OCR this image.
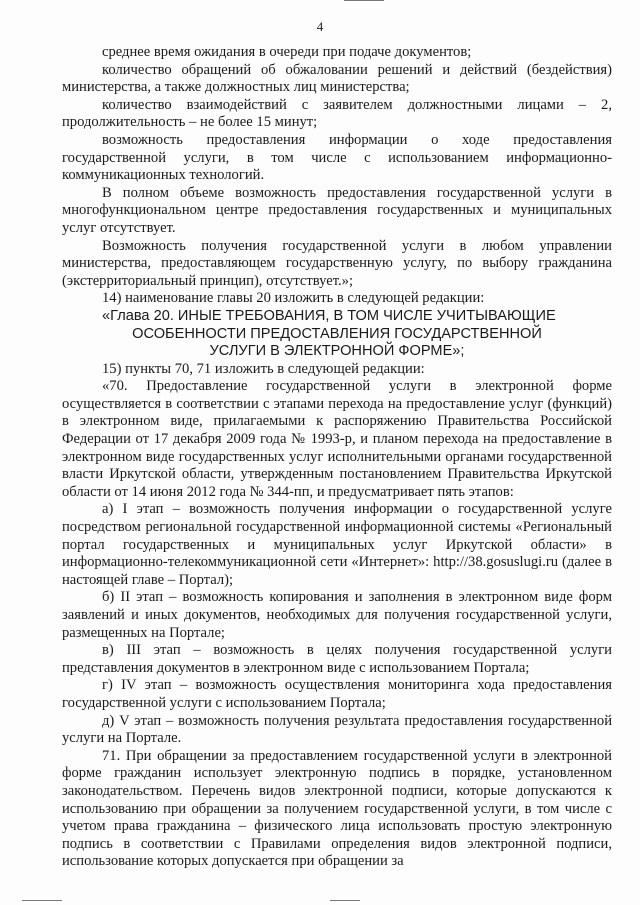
4

среднее время ожидания в очереди при подаче документов;

количество обращений об обжаловании решений и действий (бездействия) министерства, а также должностных лиц министерства;

количество взаимодействий с заявителем должностными лицами – 2, продолжительность – не более 15 минут;

возможность предоставления информации о ходе предоставления государственной услуги, в том числе с использованием информационно-коммуникационных технологий.

В полном объеме возможность предоставления государственной услуги в многофункциональном центре предоставления государственных и муниципальных услуг отсутствует.

Возможность получения государственной услуги в любом управлении министерства, предоставляющем государственную услугу, по выбору гражданина (экстерриториальный принцип), отсутствует.»;

14) наименование главы 20 изложить в следующей редакции:

«Глава 20. ИНЫЕ ТРЕБОВАНИЯ, В ТОМ ЧИСЛЕ УЧИТЫВАЮЩИЕ
ОСОБЕННОСТИ ПРЕДОСТАВЛЕНИЯ ГОСУДАРСТВЕННОЙ
УСЛУГИ В ЭЛЕКТРОННОЙ ФОРМЕ»;

15) пункты 70, 71 изложить в следующей редакции:

«70. Предоставление государственной услуги в электронной форме осуществляется в соответствии с этапами перехода на предоставление услуг (функций) в электронном виде, прилагаемыми к распоряжению Правительства Российской Федерации от 17 декабря 2009 года № 1993-р, и планом перехода на предоставление в электронном виде государственных услуг исполнительными органами государственной власти Иркутской области, утвержденным постановлением Правительства Иркутской области от 14 июня 2012 года № 344-пп, и предусматривает пять этапов:

а) I этап – возможность получения информации о государственной услуге посредством региональной государственной информационной системы «Региональный портал государственных и муниципальных услуг Иркутской области» в информационно-телекоммуникационной сети «Интернет»: http://38.gosuslugi.ru (далее в настоящей главе – Портал);

б) II этап – возможность копирования и заполнения в электронном виде форм заявлений и иных документов, необходимых для получения государственной услуги, размещенных на Портале;

в) III этап – возможность в целях получения государственной услуги представления документов в электронном виде с использованием Портала;

г) IV этап – возможность осуществления мониторинга хода предоставления государственной услуги с использованием Портала;

д) V этап – возможность получения результата предоставления государственной услуги на Портале.

71. При обращении за предоставлением государственной услуги в электронной форме гражданин использует электронную подпись в порядке, установленном законодательством. Перечень видов электронной подписи, которые допускаются к использованию при обращении за получением государственной услуги, в том числе с учетом права гражданина – физического лица использовать простую электронную подпись в соответствии с Правилами определения видов электронной подписи, использование которых допускается при обращении за
